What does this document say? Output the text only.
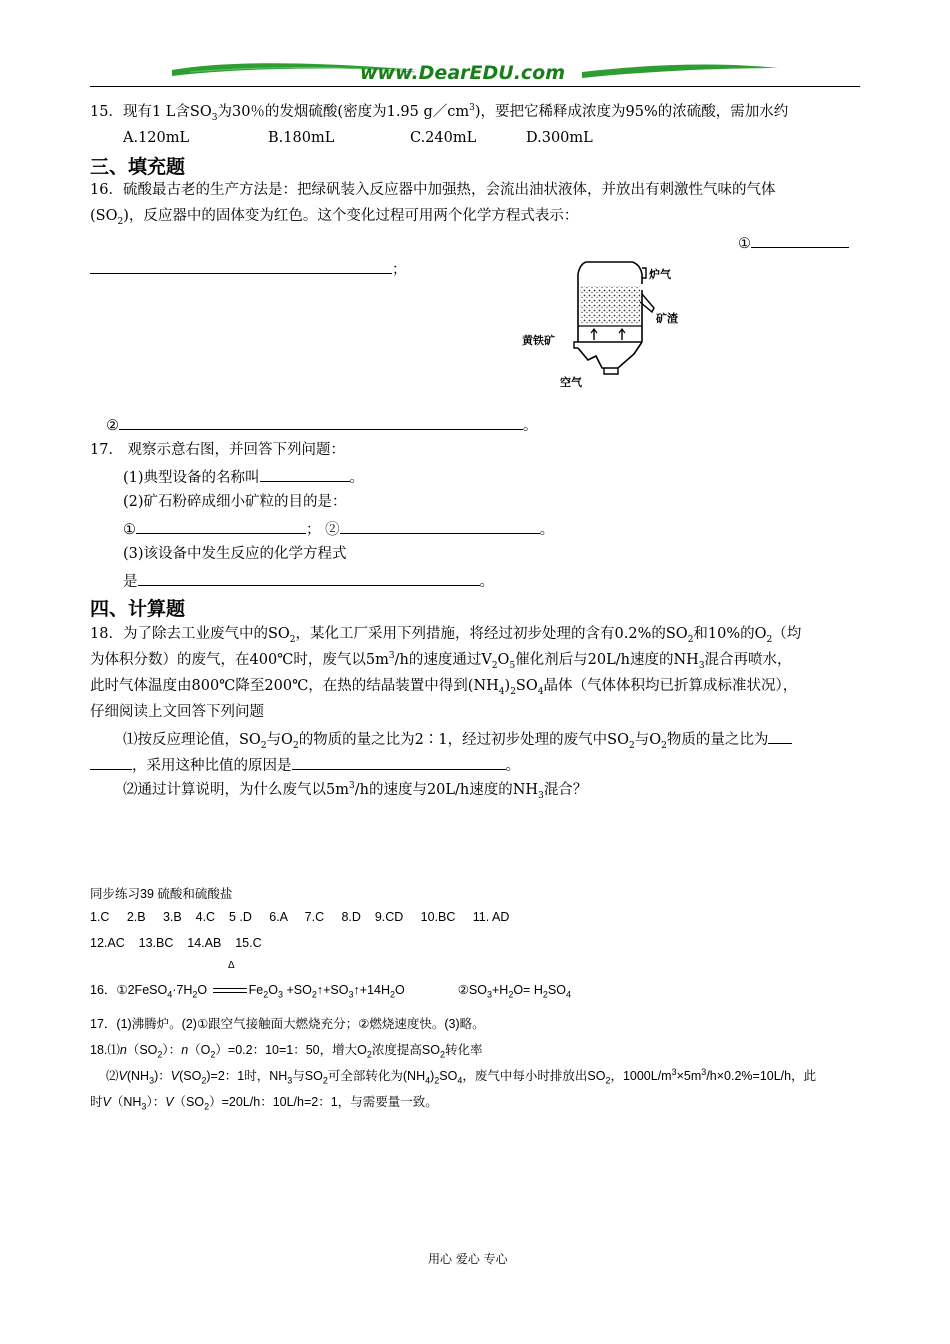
www.DearEDU.com
15．现有1 L含$SO_3$为30％的发烟硫酸(密度为1.95 $g/cm^3$)，要把它稀释成浓度为95%的浓硫酸，需加水约
A.120mL	B.180mL	C.240mL	D.300mL
三、填充题
16．硫酸最古老的生产方法是：把绿矾装入反应器中加强热，会流出油状液体，并放出有刺激性气味的气体
$(SO_2)$，反应器中的固体变为红色。这个变化过程可用两个化学方程式表示：
①
；
②	。
炉气
矿渣
黄铁矿
空气
17． 观察示意右图，并回答下列问题：
(1)典型设备的名称叫	。
(2)矿石粉碎成细小矿粒的目的是：
①	； ②	。
(3)该设备中发生反应的化学方程式
是	。
四、计算题
18．为了除去工业废气中的$SO_2$，某化工厂采用下列措施，将经过初步处理的含有0.2%的$SO_2$和10%的$O_2$（均
为体积分数）的废气，在400℃时，废气以$5m^3/h$的速度通过$V_2O_5$催化剂后与20L/h速度的$NH_3$混合再喷水，
此时气体温度由800℃降至200℃，在热的结晶装置中得到$(NH_4)_2SO_4$晶体（气体体积均已折算成标准状况），
仔细阅读上文回答下列问题
⑴按反应理论值，$SO_2$与$O_2$的物质的量之比为2∶1，经过初步处理的废气中$SO_2$与$O_2$物质的量之比为
，采用这种比值的原因是	。
⑵通过计算说明，为什么废气以$5m^3/h$的速度与20L/h速度的$NH_3$混合？
同步练习39 硫酸和硫酸盐
1.C     2.B     3.B    4.C    5 .D     6.A     7.C     8.D    9.CD     10.BC     11. AD
12.AC    13.BC    14.AB    15.C
Δ
16．$①2FeSO_4\cdot 7H_2O$	$Fe_2O_3$ $+SO_2↑+SO_3↑+14H_2O$	$②SO_3+H_2O= H_2SO_4$
17．(1)沸腾炉。(2)①跟空气接触面大燃烧充分；②燃烧速度快。(3)略。
$18.⑴n(SO_2)$：$n(O_2)=0.2$：10=1：50，增大$O_2$浓度提高$SO_2$转化率
$⑵V(NH_3)$：$V(SO_2)=2$：1时，$NH_3$与$SO_2$可全部转化为$(NH_4)_2SO_4$，废气中每小时排放出$SO_2$，$1000L/m^3\times 5m^3/h\times 0.2\%=10L/h$，此
时$V(NH_3)$：$V(SO_2)=20L/h$：10L/h=2：1，与需要量一致。
用心 爱心 专心
